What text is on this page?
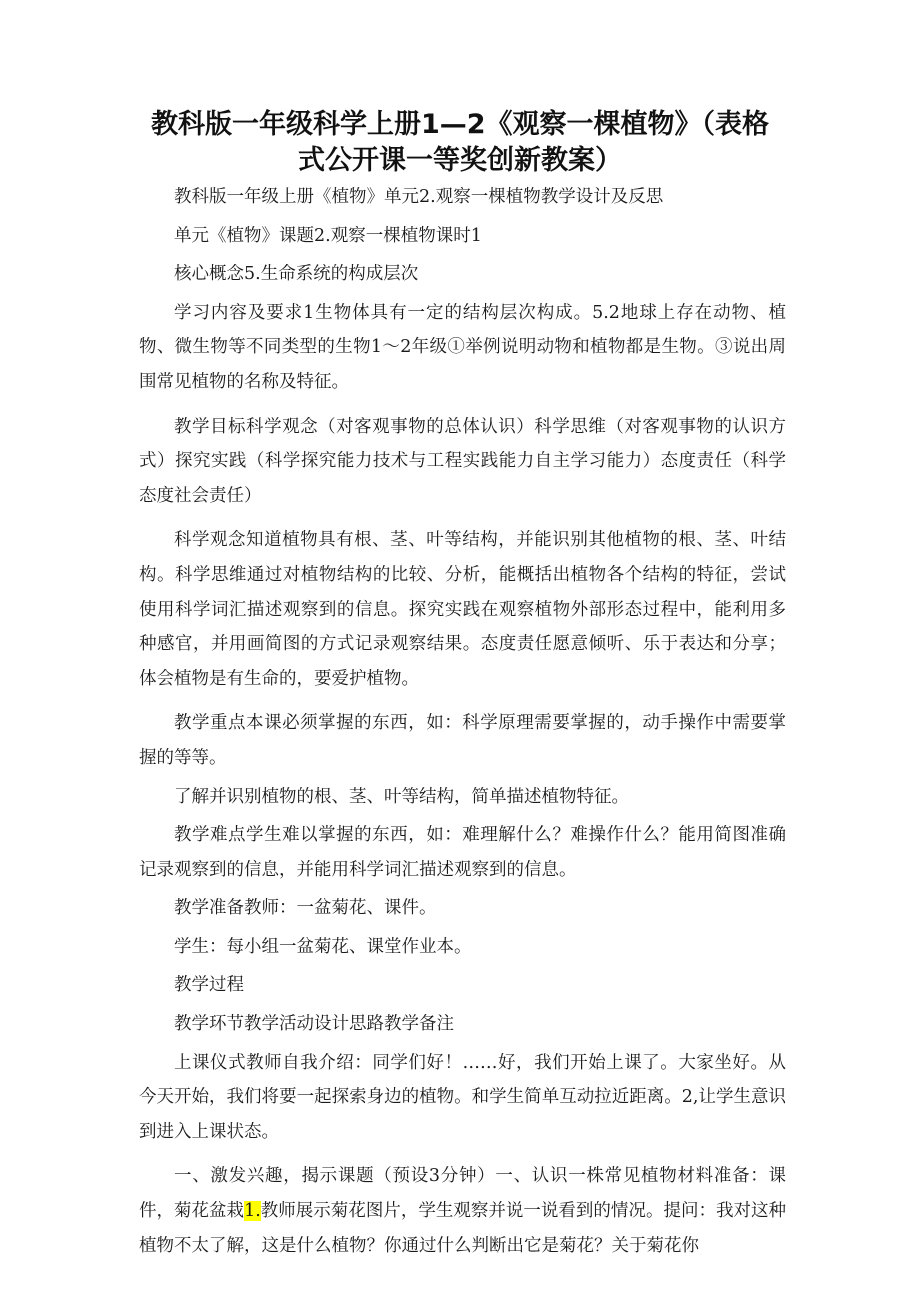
教科版一年级科学上册1—2《观察一棵植物》（表格式公开课一等奖创新教案）

教科版一年级上册《植物》单元2.观察一棵植物教学设计及反思

单元《植物》课题2.观察一棵植物课时1

核心概念5.生命系统的构成层次

学习内容及要求1生物体具有一定的结构层次构成。5.2地球上存在动物、植物、微生物等不同类型的生物1～2年级①举例说明动物和植物都是生物。③说出周围常见植物的名称及特征。

教学目标科学观念（对客观事物的总体认识）科学思维（对客观事物的认识方式）探究实践（科学探究能力技术与工程实践能力自主学习能力）态度责任（科学态度社会责任）

科学观念知道植物具有根、茎、叶等结构，并能识别其他植物的根、茎、叶结构。科学思维通过对植物结构的比较、分析，能概括出植物各个结构的特征，尝试使用科学词汇描述观察到的信息。探究实践在观察植物外部形态过程中，能利用多种感官，并用画简图的方式记录观察结果。态度责任愿意倾听、乐于表达和分享；体会植物是有生命的，要爱护植物。

教学重点本课必须掌握的东西，如：科学原理需要掌握的，动手操作中需要掌握的等等。

了解并识别植物的根、茎、叶等结构，简单描述植物特征。

教学难点学生难以掌握的东西，如：难理解什么？难操作什么？能用简图准确记录观察到的信息，并能用科学词汇描述观察到的信息。

教学准备教师：一盆菊花、课件。

学生：每小组一盆菊花、课堂作业本。

教学过程

教学环节教学活动设计思路教学备注

上课仪式教师自我介绍：同学们好！……好，我们开始上课了。大家坐好。从今天开始，我们将要一起探索身边的植物。和学生简单互动拉近距离。2,让学生意识到进入上课状态。

一、激发兴趣，揭示课题（预设3分钟）一、认识一株常见植物材料准备：课件，菊花盆栽1.教师展示菊花图片，学生观察并说一说看到的情况。提问：我对这种植物不太了解，这是什么植物？你通过什么判断出它是菊花？关于菊花你
